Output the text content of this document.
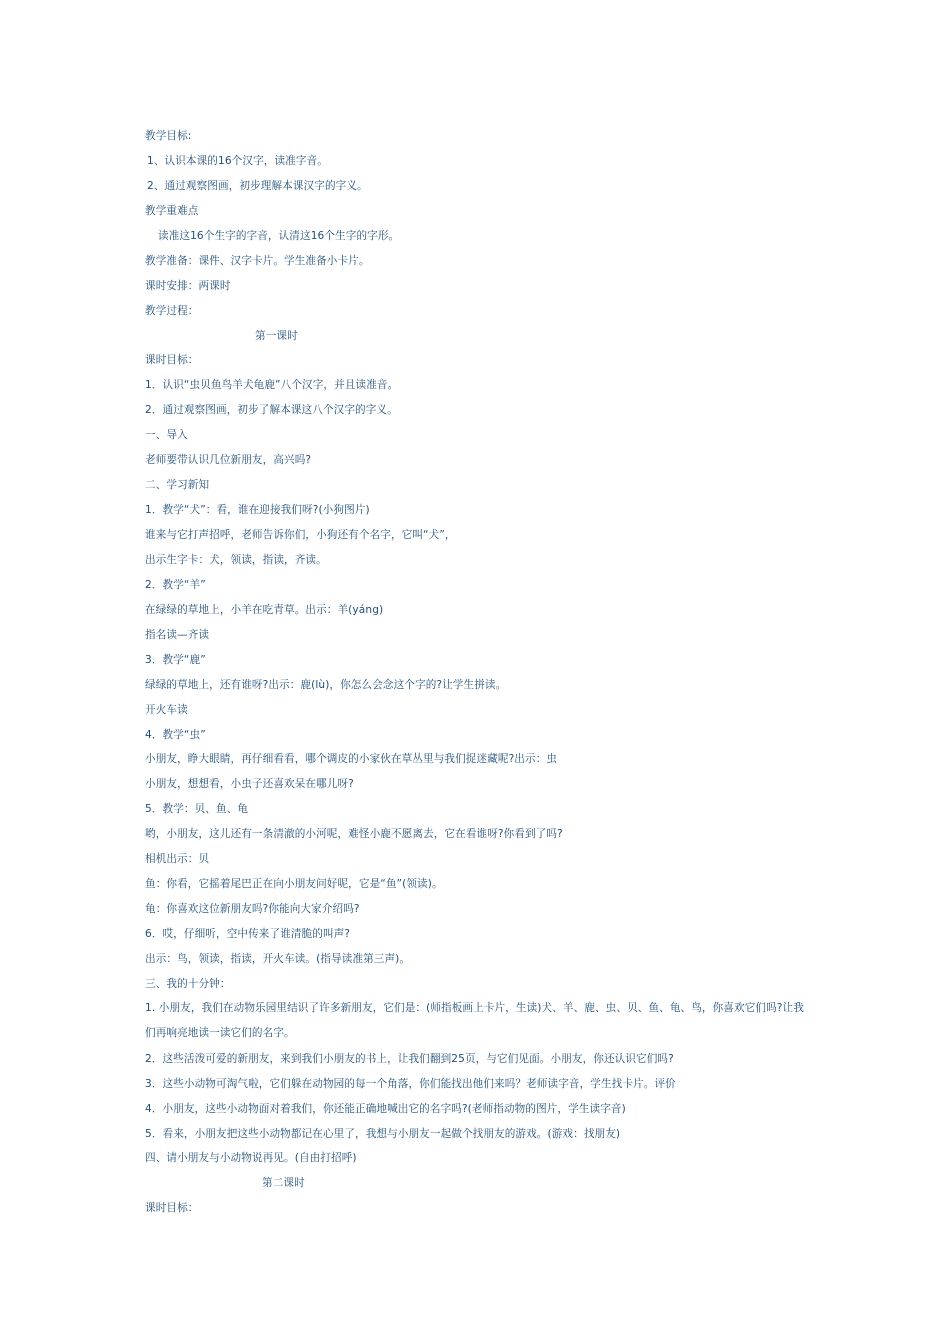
教学目标:
1、认识本课的16个汉字，读准字音。
2、通过观察图画，初步理解本课汉字的字义。
教学重难点
读准这16个生字的字音，认清这16个生字的字形。
教学准备：课件、汉字卡片。学生准备小卡片。
课时安排：两课时
教学过程：
第一课时
课时目标：
1．认识“虫贝鱼鸟羊犬龟鹿”八个汉字，并且读准音。
2．通过观察图画，初步了解本课这八个汉字的字义。
一、导入
老师要带认识几位新朋友，高兴吗?
二、学习新知
1．教学“犬”：看，谁在迎接我们呀?(小狗图片)
谁来与它打声招呼，老师告诉你们，小狗还有个名字，它叫“犬”，
出示生字卡：犬，领读，指读，齐读。
2．教学“羊”
在绿绿的草地上，小羊在吃青草。出示：羊(yáng)
指名读—齐读
3．教学“鹿”
绿绿的草地上，还有谁呀?出示：鹿(lù)，你怎么会念这个字的?让学生拼读。
开火车读
4．教学“虫”
小朋友，睁大眼睛，再仔细看看，哪个调皮的小家伙在草丛里与我们捉迷藏呢?出示：虫
小朋友，想想看，小虫子还喜欢呆在哪儿呀?
5．教学：贝、鱼、龟
哟，小朋友，这儿还有一条清澈的小河呢，难怪小鹿不愿离去，它在看谁呀?你看到了吗?
相机出示：贝
鱼：你看，它摇着尾巴正在向小朋友问好呢，它是“鱼”(领读)。
龟：你喜欢这位新朋友吗?你能向大家介绍吗?
6．哎，仔细听，空中传来了谁清脆的叫声?
出示：鸟，领读，指读，开火车读。(指导读准第三声)。
三、我的十分钟：
1. 小朋友，我们在动物乐园里结识了许多新朋友，它们是：(师指板画上卡片，生读)犬、羊、鹿、虫、贝、鱼、龟、鸟，你喜欢它们吗?让我们再响亮地读一读它们的名字。
2．这些活泼可爱的新朋友，来到我们小朋友的书上，让我们翻到25页，与它们见面。小朋友，你还认识它们吗?
3．这些小动物可淘气啦，它们躲在动物园的每一个角落，你们能找出他们来吗？老师读字音，学生找卡片。评价
4．小朋友，这些小动物面对着我们，你还能正确地喊出它的名字吗?(老师指动物的图片，学生读字音)
5．看来，小朋友把这些小动物都记在心里了，我想与小朋友一起做个找朋友的游戏。(游戏：找朋友)
四、请小朋友与小动物说再见。(自由打招呼)
第二课时
课时目标：
